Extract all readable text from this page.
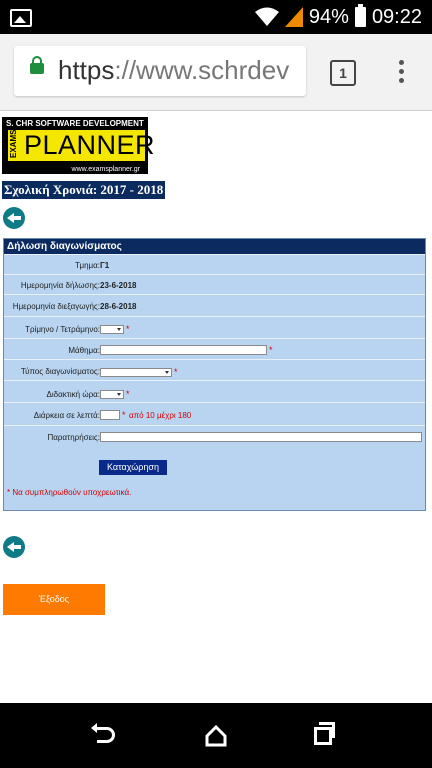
94% 09:22
https://www.schrdev	1
S. CHR SOFTWARE DEVELOPMENT
EXAMS PLANNER
www.examsplanner.gr
Σχολική Χρονιά: 2017 - 2018
Δήλωση διαγωνίσματος
Τμημα: Γ1
Ημερομηνία δήλωσης: 23-6-2018
Ημερομηνία διεξαγωγής: 28-6-2018
Τρίμηνο / Τετράμηνο:	*
Μάθημα:	*
Τύπος διαγωνίσματος:	*
Διδακτική ώρα:	*
Διάρκεια σε λεπτά: * από 10 μέχρι 180
Παρατηρήσεις:
Καταχώρηση
* Να συμπληρωθούν υποχρεωτικά.
Έξοδος
